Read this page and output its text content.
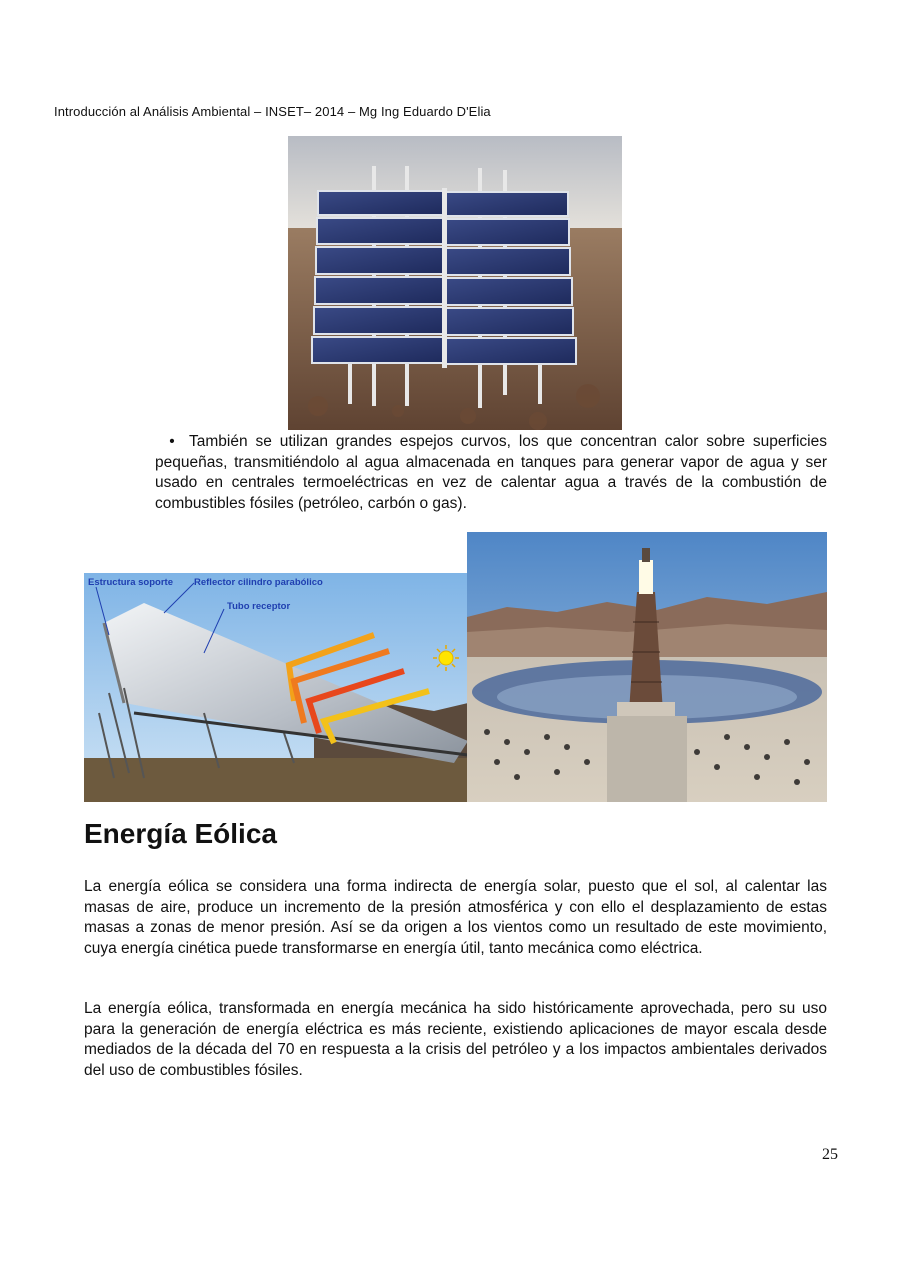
Introducción al Análisis Ambiental – INSET– 2014 – Mg Ing Eduardo D'Elia
• También se utilizan grandes espejos curvos, los que concentran calor sobre superficies pequeñas, transmitiéndolo al agua almacenada en tanques para generar vapor de agua y ser usado en centrales termoeléctricas en vez de calentar agua a través de la combustión de combustibles fósiles (petróleo, carbón o gas).
Estructura soporte Reflector cilindro parabólico
Tubo receptor
Energía Eólica

La energía eólica se considera una forma indirecta de energía solar, puesto que el sol, al calentar las masas de aire, produce un incremento de la presión atmosférica y con ello el desplazamiento de estas masas a zonas de menor presión. Así se da origen a los vientos como un resultado de este movimiento, cuya energía cinética puede transformarse en energía útil, tanto mecánica como eléctrica.

La energía eólica, transformada en energía mecánica ha sido históricamente aprovechada, pero su uso para la generación de energía eléctrica es más reciente, existiendo aplicaciones de mayor escala desde mediados de la década del 70 en respuesta a la crisis del petróleo y a los impactos ambientales derivados del uso de combustibles fósiles.

25
